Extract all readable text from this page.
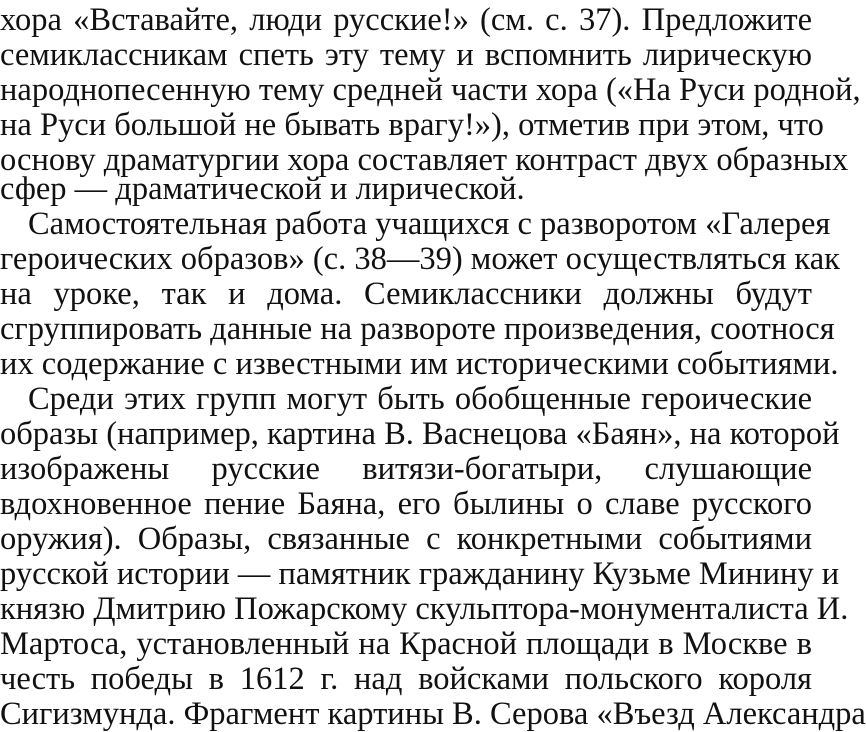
хора «Вставайте, люди русские!» (см. с. 37). Предложите
семиклассникам спеть эту тему и вспомнить лирическую
народнопесенную тему средней части хора («На Руси родной,
на Руси большой не бывать врагу!»), отметив при этом, что
основу драматургии хора составляет контраст двух образных
сфер — драматической и лирической.
Самостоятельная работа учащихся с разворотом «Галерея
героических образов» (с. 38—39) может осуществляться как
на уроке, так и дома. Семиклассники должны будут
сгруппировать данные на развороте произведения, соотнося
их содержание с известными им историческими событиями.
Среди этих групп могут быть обобщенные героические
образы (например, картина В. Васнецова «Баян», на которой
изображены русские витязи-богатыри, слушающие
вдохновенное пение Баяна, его былины о славе русского
оружия). Образы, связанные с конкретными событиями
русской истории — памятник гражданину Кузьме Минину и
князю Дмитрию Пожарскому скульптора-монументалиста И.
Мартоса, установленный на Красной площади в Москве в
честь победы в 1612 г. над войсками польского короля
Сигизмунда. Фрагмент картины В. Серова «Въезд Александра
